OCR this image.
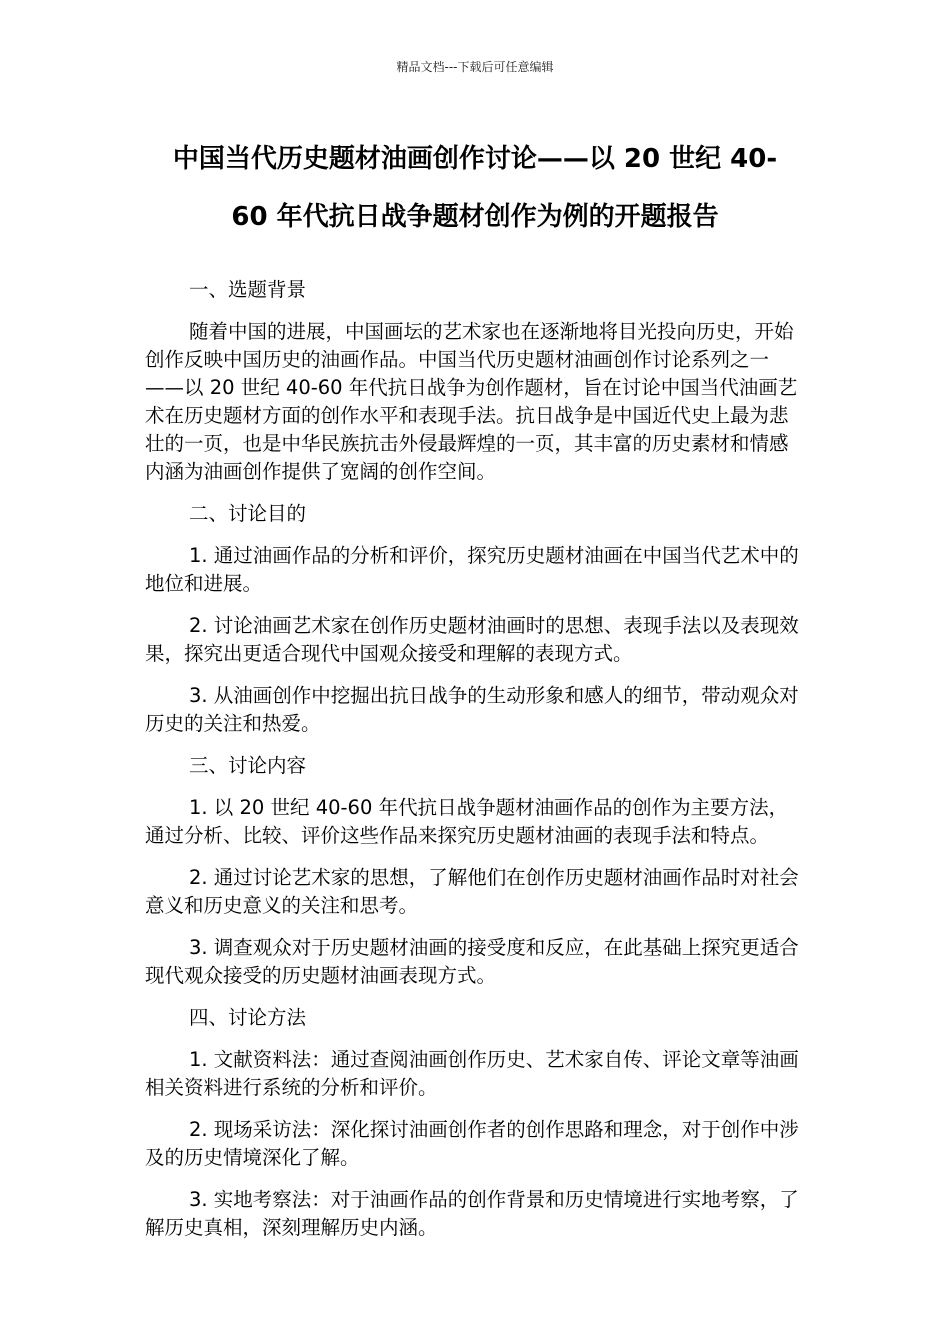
精品文档---下载后可任意编辑
中国当代历史题材油画创作讨论——以 20 世纪 40-
60 年代抗日战争题材创作为例的开题报告

一、选题背景

随着中国的进展，中国画坛的艺术家也在逐渐地将目光投向历史，开始创作反映中国历史的油画作品。中国当代历史题材油画创作讨论系列之一——以 20 世纪 40-60 年代抗日战争为创作题材，旨在讨论中国当代油画艺术在历史题材方面的创作水平和表现手法。抗日战争是中国近代史上最为悲壮的一页，也是中华民族抗击外侵最辉煌的一页，其丰富的历史素材和情感内涵为油画创作提供了宽阔的创作空间。

二、讨论目的

1. 通过油画作品的分析和评价，探究历史题材油画在中国当代艺术中的地位和进展。

2. 讨论油画艺术家在创作历史题材油画时的思想、表现手法以及表现效果，探究出更适合现代中国观众接受和理解的表现方式。

3. 从油画创作中挖掘出抗日战争的生动形象和感人的细节，带动观众对历史的关注和热爱。

三、讨论内容

1. 以 20 世纪 40-60 年代抗日战争题材油画作品的创作为主要方法，通过分析、比较、评价这些作品来探究历史题材油画的表现手法和特点。

2. 通过讨论艺术家的思想，了解他们在创作历史题材油画作品时对社会意义和历史意义的关注和思考。

3. 调查观众对于历史题材油画的接受度和反应，在此基础上探究更适合现代观众接受的历史题材油画表现方式。

四、讨论方法

1. 文献资料法：通过查阅油画创作历史、艺术家自传、评论文章等油画相关资料进行系统的分析和评价。

2. 现场采访法：深化探讨油画创作者的创作思路和理念，对于创作中涉及的历史情境深化了解。

3. 实地考察法：对于油画作品的创作背景和历史情境进行实地考察，了解历史真相，深刻理解历史内涵。
